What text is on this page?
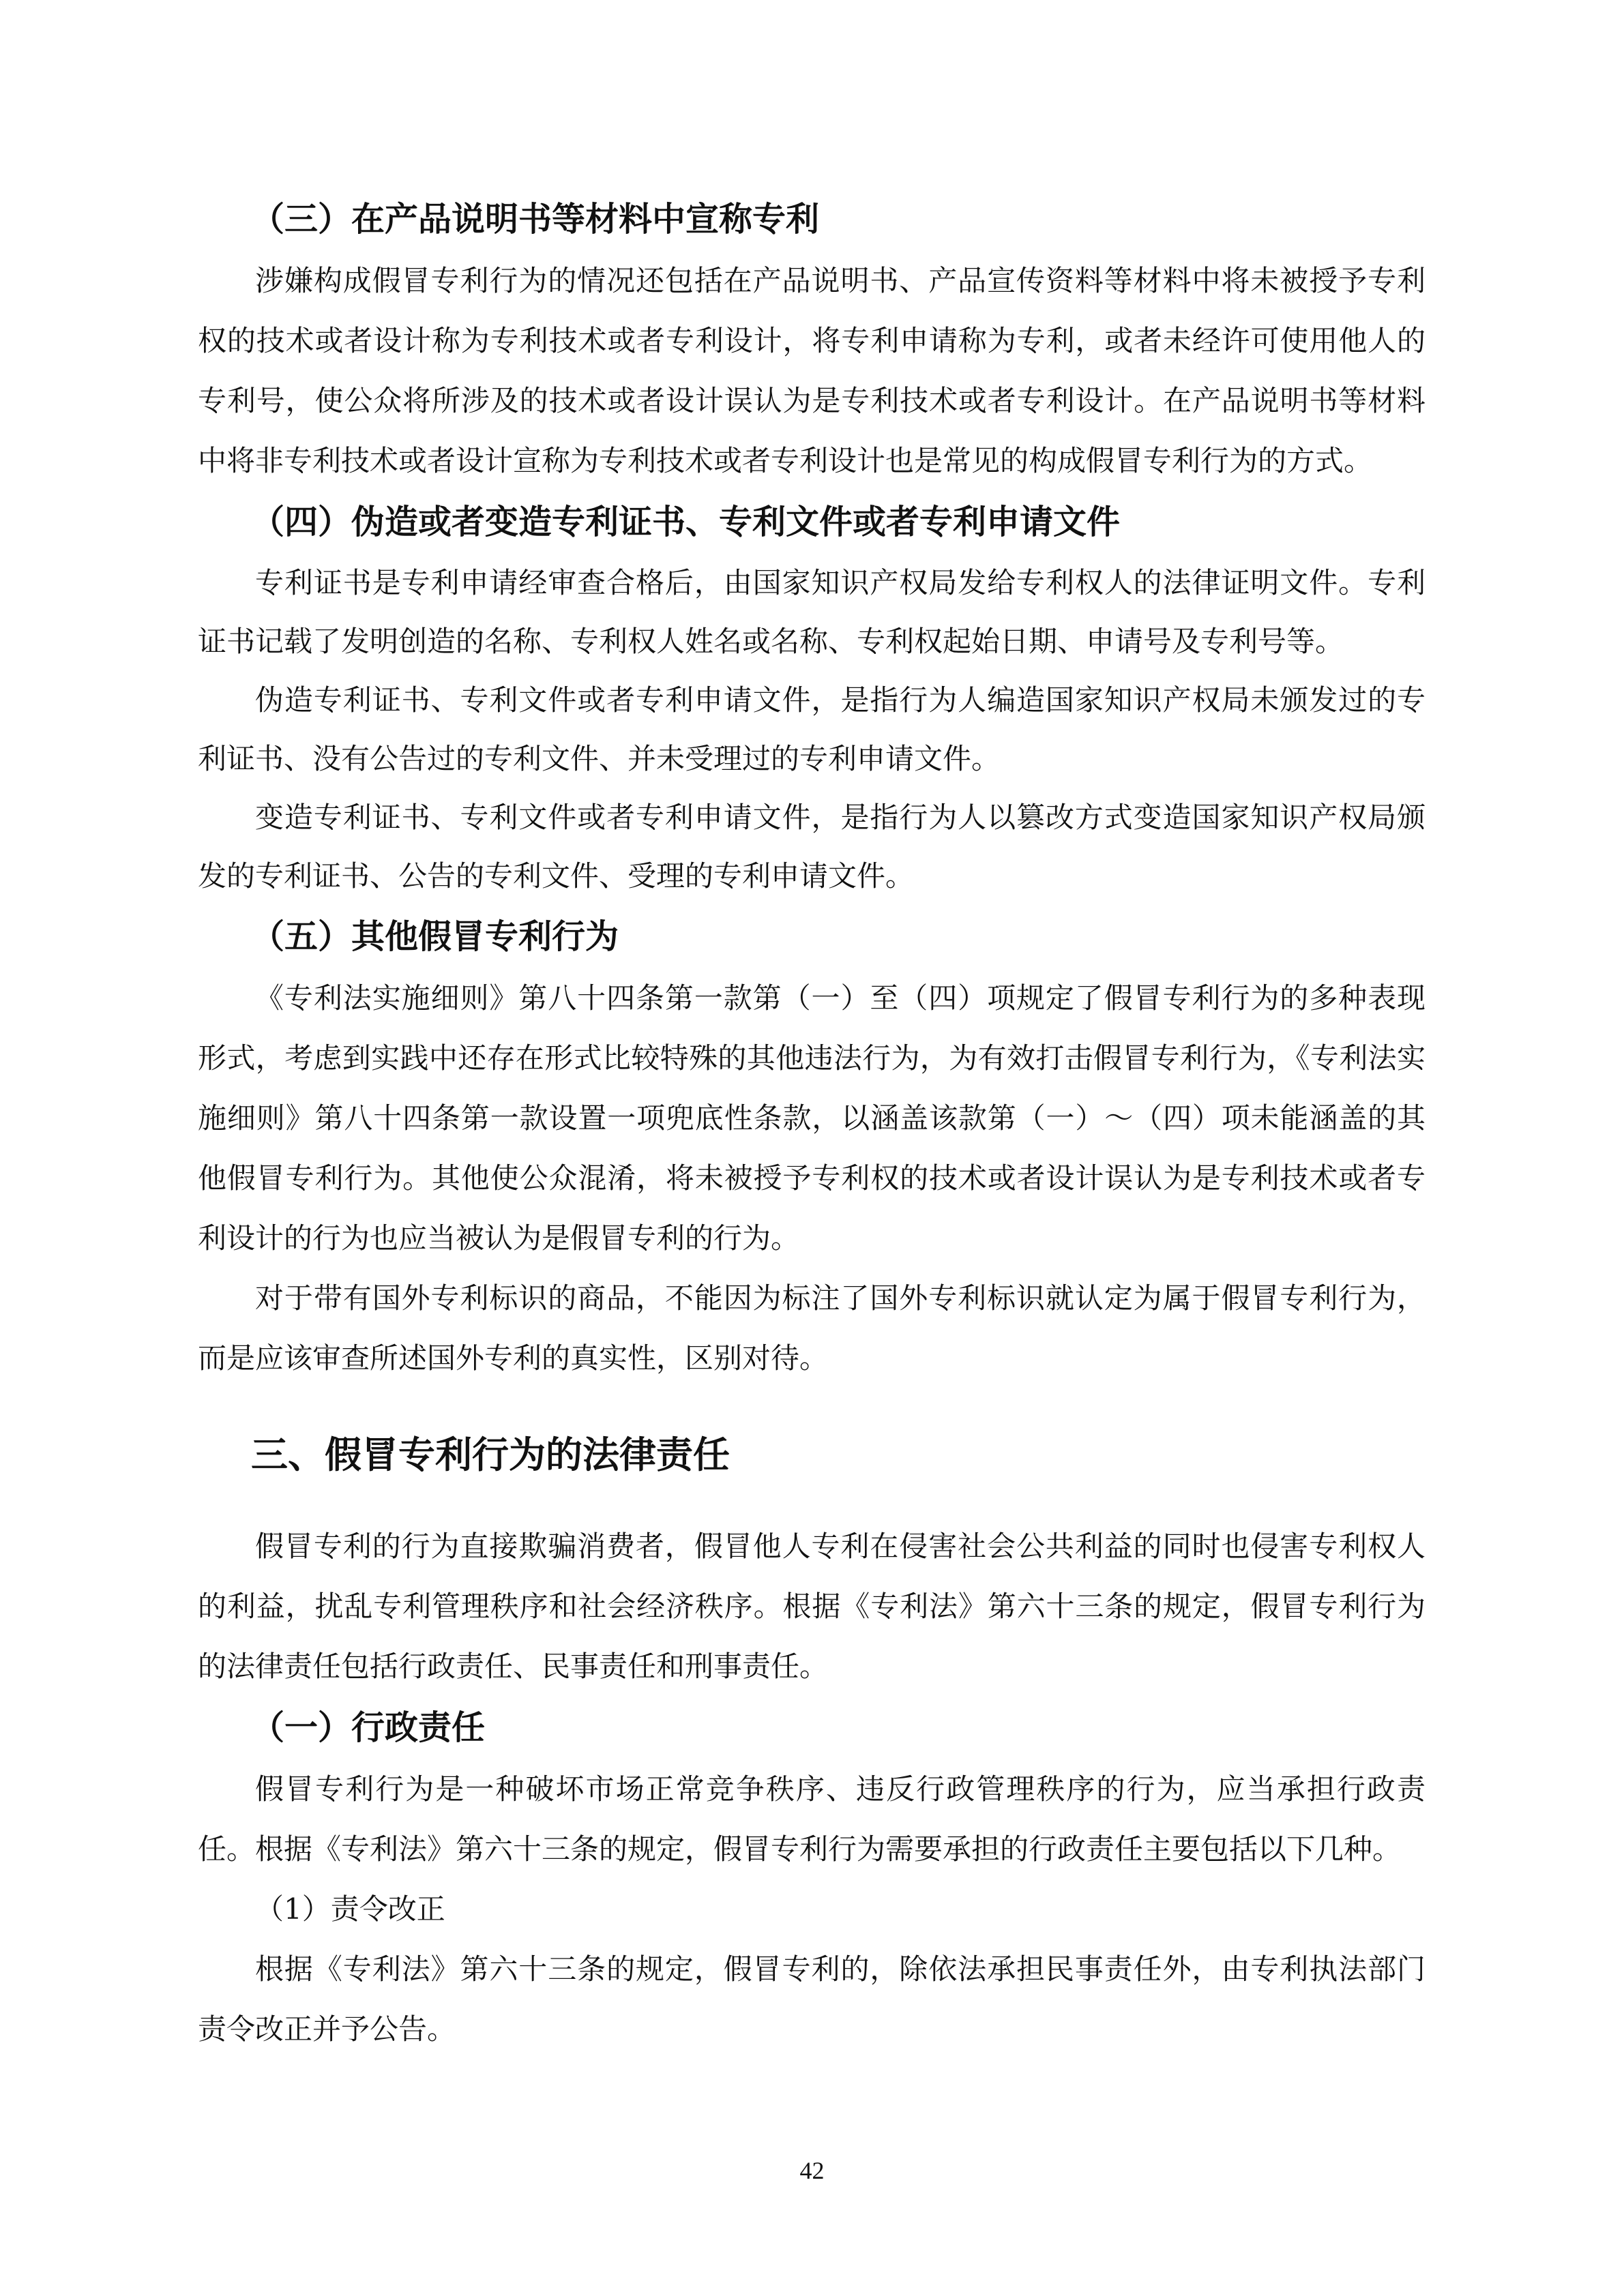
（三）在产品说明书等材料中宣称专利

涉嫌构成假冒专利行为的情况还包括在产品说明书、产品宣传资料等材料中将未被授予专利权的技术或者设计称为专利技术或者专利设计，将专利申请称为专利，或者未经许可使用他人的专利号，使公众将所涉及的技术或者设计误认为是专利技术或者专利设计。在产品说明书等材料中将非专利技术或者设计宣称为专利技术或者专利设计也是常见的构成假冒专利行为的方式。

（四）伪造或者变造专利证书、专利文件或者专利申请文件

专利证书是专利申请经审查合格后，由国家知识产权局发给专利权人的法律证明文件。专利证书记载了发明创造的名称、专利权人姓名或名称、专利权起始日期、申请号及专利号等。

伪造专利证书、专利文件或者专利申请文件，是指行为人编造国家知识产权局未颁发过的专利证书、没有公告过的专利文件、并未受理过的专利申请文件。

变造专利证书、专利文件或者专利申请文件，是指行为人以篡改方式变造国家知识产权局颁发的专利证书、公告的专利文件、受理的专利申请文件。

（五）其他假冒专利行为

《专利法实施细则》第八十四条第一款第（一）至（四）项规定了假冒专利行为的多种表现形式，考虑到实践中还存在形式比较特殊的其他违法行为，为有效打击假冒专利行为，《专利法实施细则》第八十四条第一款设置一项兜底性条款，以涵盖该款第（一）～（四）项未能涵盖的其他假冒专利行为。其他使公众混淆，将未被授予专利权的技术或者设计误认为是专利技术或者专利设计的行为也应当被认为是假冒专利的行为。

对于带有国外专利标识的商品，不能因为标注了国外专利标识就认定为属于假冒专利行为，而是应该审查所述国外专利的真实性，区别对待。

三、假冒专利行为的法律责任

假冒专利的行为直接欺骗消费者，假冒他人专利在侵害社会公共利益的同时也侵害专利权人的利益，扰乱专利管理秩序和社会经济秩序。根据《专利法》第六十三条的规定，假冒专利行为的法律责任包括行政责任、民事责任和刑事责任。

（一）行政责任

假冒专利行为是一种破坏市场正常竞争秩序、违反行政管理秩序的行为，应当承担行政责任。根据《专利法》第六十三条的规定，假冒专利行为需要承担的行政责任主要包括以下几种。

（1）责令改正

根据《专利法》第六十三条的规定，假冒专利的，除依法承担民事责任外，由专利执法部门责令改正并予公告。

42
